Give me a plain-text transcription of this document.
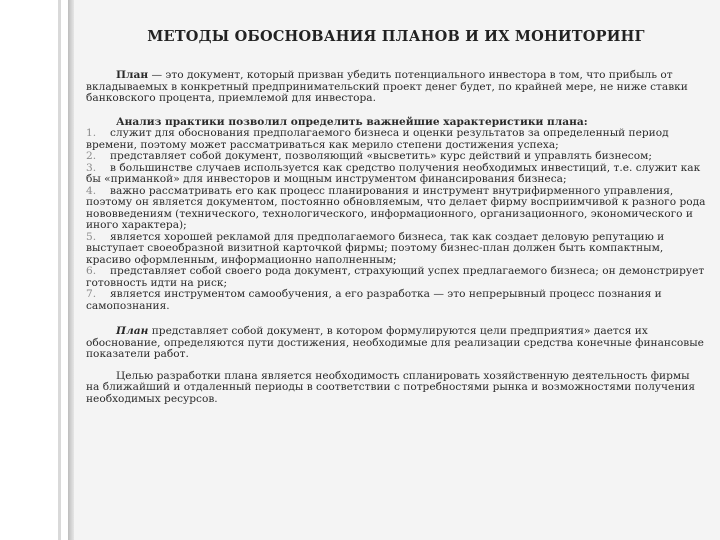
МЕТОДЫ ОБОСНОВАНИЯ ПЛАНОВ И ИХ МОНИТОРИНГ

План — это документ, который призван убедить потенциального инвестора в том, что прибыль от вкладываемых в конкретный предпринимательский проект денег будет, по крайней мере, не ниже ставки банковского процента, приемлемой для инвестора.

Анализ практики позволил определить важнейшие характеристики плана:

1. служит для обоснования предполагаемого бизнеса и оценки результатов за определенный период времени, поэтому может рассматриваться как мерило степени достижения успеха;

2. представляет собой документ, позволяющий «высветить» курс действий и управлять бизнесом;

3. в большинстве случаев используется как средство получения необходимых инвестиций, т.е. служит как бы «приманкой» для инвесторов и мощным инструментом финансирования бизнеса;

4. важно рассматривать его как процесс планирования и инструмент внутрифирменного управления, поэтому он является документом, постоянно обновляемым, что делает фирму восприимчивой к разного рода нововведениям (технического, технологического, информационного, организационного, экономического и иного характера);

5. является хорошей рекламой для предполагаемого бизнеса, так как создает деловую репутацию и выступает своеобразной визитной карточкой фирмы; поэтому бизнес-план должен быть компактным, красиво оформленным, информационно наполненным;

6. представляет собой своего рода документ, страхующий успех предлагаемого бизнеса; он демонстрирует готовность идти на риск;

7. является инструментом самообучения, а его разработка — это непрерывный процесс познания и самопознания.

План представляет собой документ, в котором формулируются цели предприятия» дается их обоснование, определяются пути достижения, необходимые для реализации средства конечные финансовые показатели работ.

Целью разработки плана является необходимость спланировать хозяйственную деятельность фирмы на ближайший и отдаленный периоды в соответствии с потребностями рынка и возможностями получения необходимых ресурсов.
